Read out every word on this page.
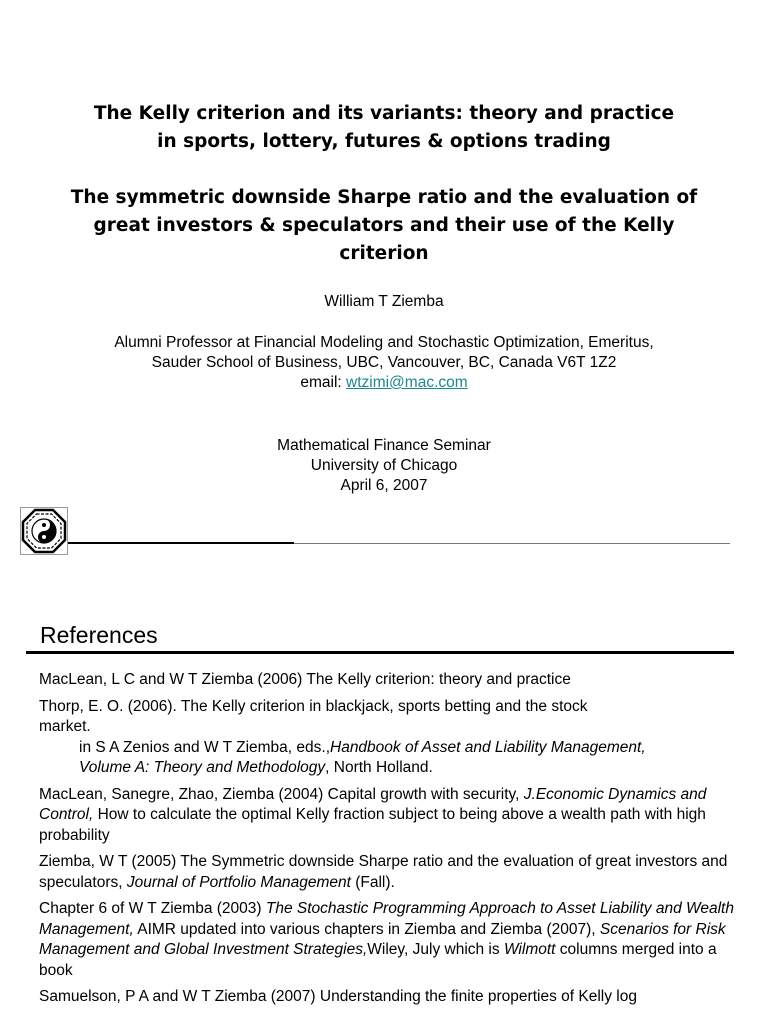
The Kelly criterion and its variants: theory and practice
in sports, lottery, futures & options trading
The symmetric downside Sharpe ratio and the evaluation of
great investors & speculators and their use of the Kelly
criterion
William T Ziemba
Alumni Professor at Financial Modeling and Stochastic Optimization, Emeritus,
Sauder School of Business, UBC, Vancouver, BC, Canada V6T 1Z2
email: wtzimi@mac.com
Mathematical Finance Seminar
University of Chicago
April 6, 2007
References
MacLean, L C and W T Ziemba (2006) The Kelly criterion: theory and practice
Thorp, E. O. (2006). The Kelly criterion in blackjack, sports betting and the stock
market.
in S A Zenios and W T Ziemba, eds.,Handbook of Asset and Liability Management,
Volume A: Theory and Methodology, North Holland.
MacLean, Sanegre, Zhao, Ziemba (2004) Capital growth with security, J.Economic Dynamics and Control, How to calculate the optimal Kelly fraction subject to being above a wealth path with high probability
Ziemba, W T (2005) The Symmetric downside Sharpe ratio and the evaluation of great investors and speculators, Journal of Portfolio Management (Fall).
Chapter 6 of W T Ziemba (2003) The Stochastic Programming Approach to Asset Liability and Wealth Management, AIMR updated into various chapters in Ziemba and Ziemba (2007), Scenarios for Risk Management and Global Investment Strategies,Wiley, July which is Wilmott columns merged into a book
Samuelson, P A and W T Ziemba (2007) Understanding the finite properties of Kelly log
